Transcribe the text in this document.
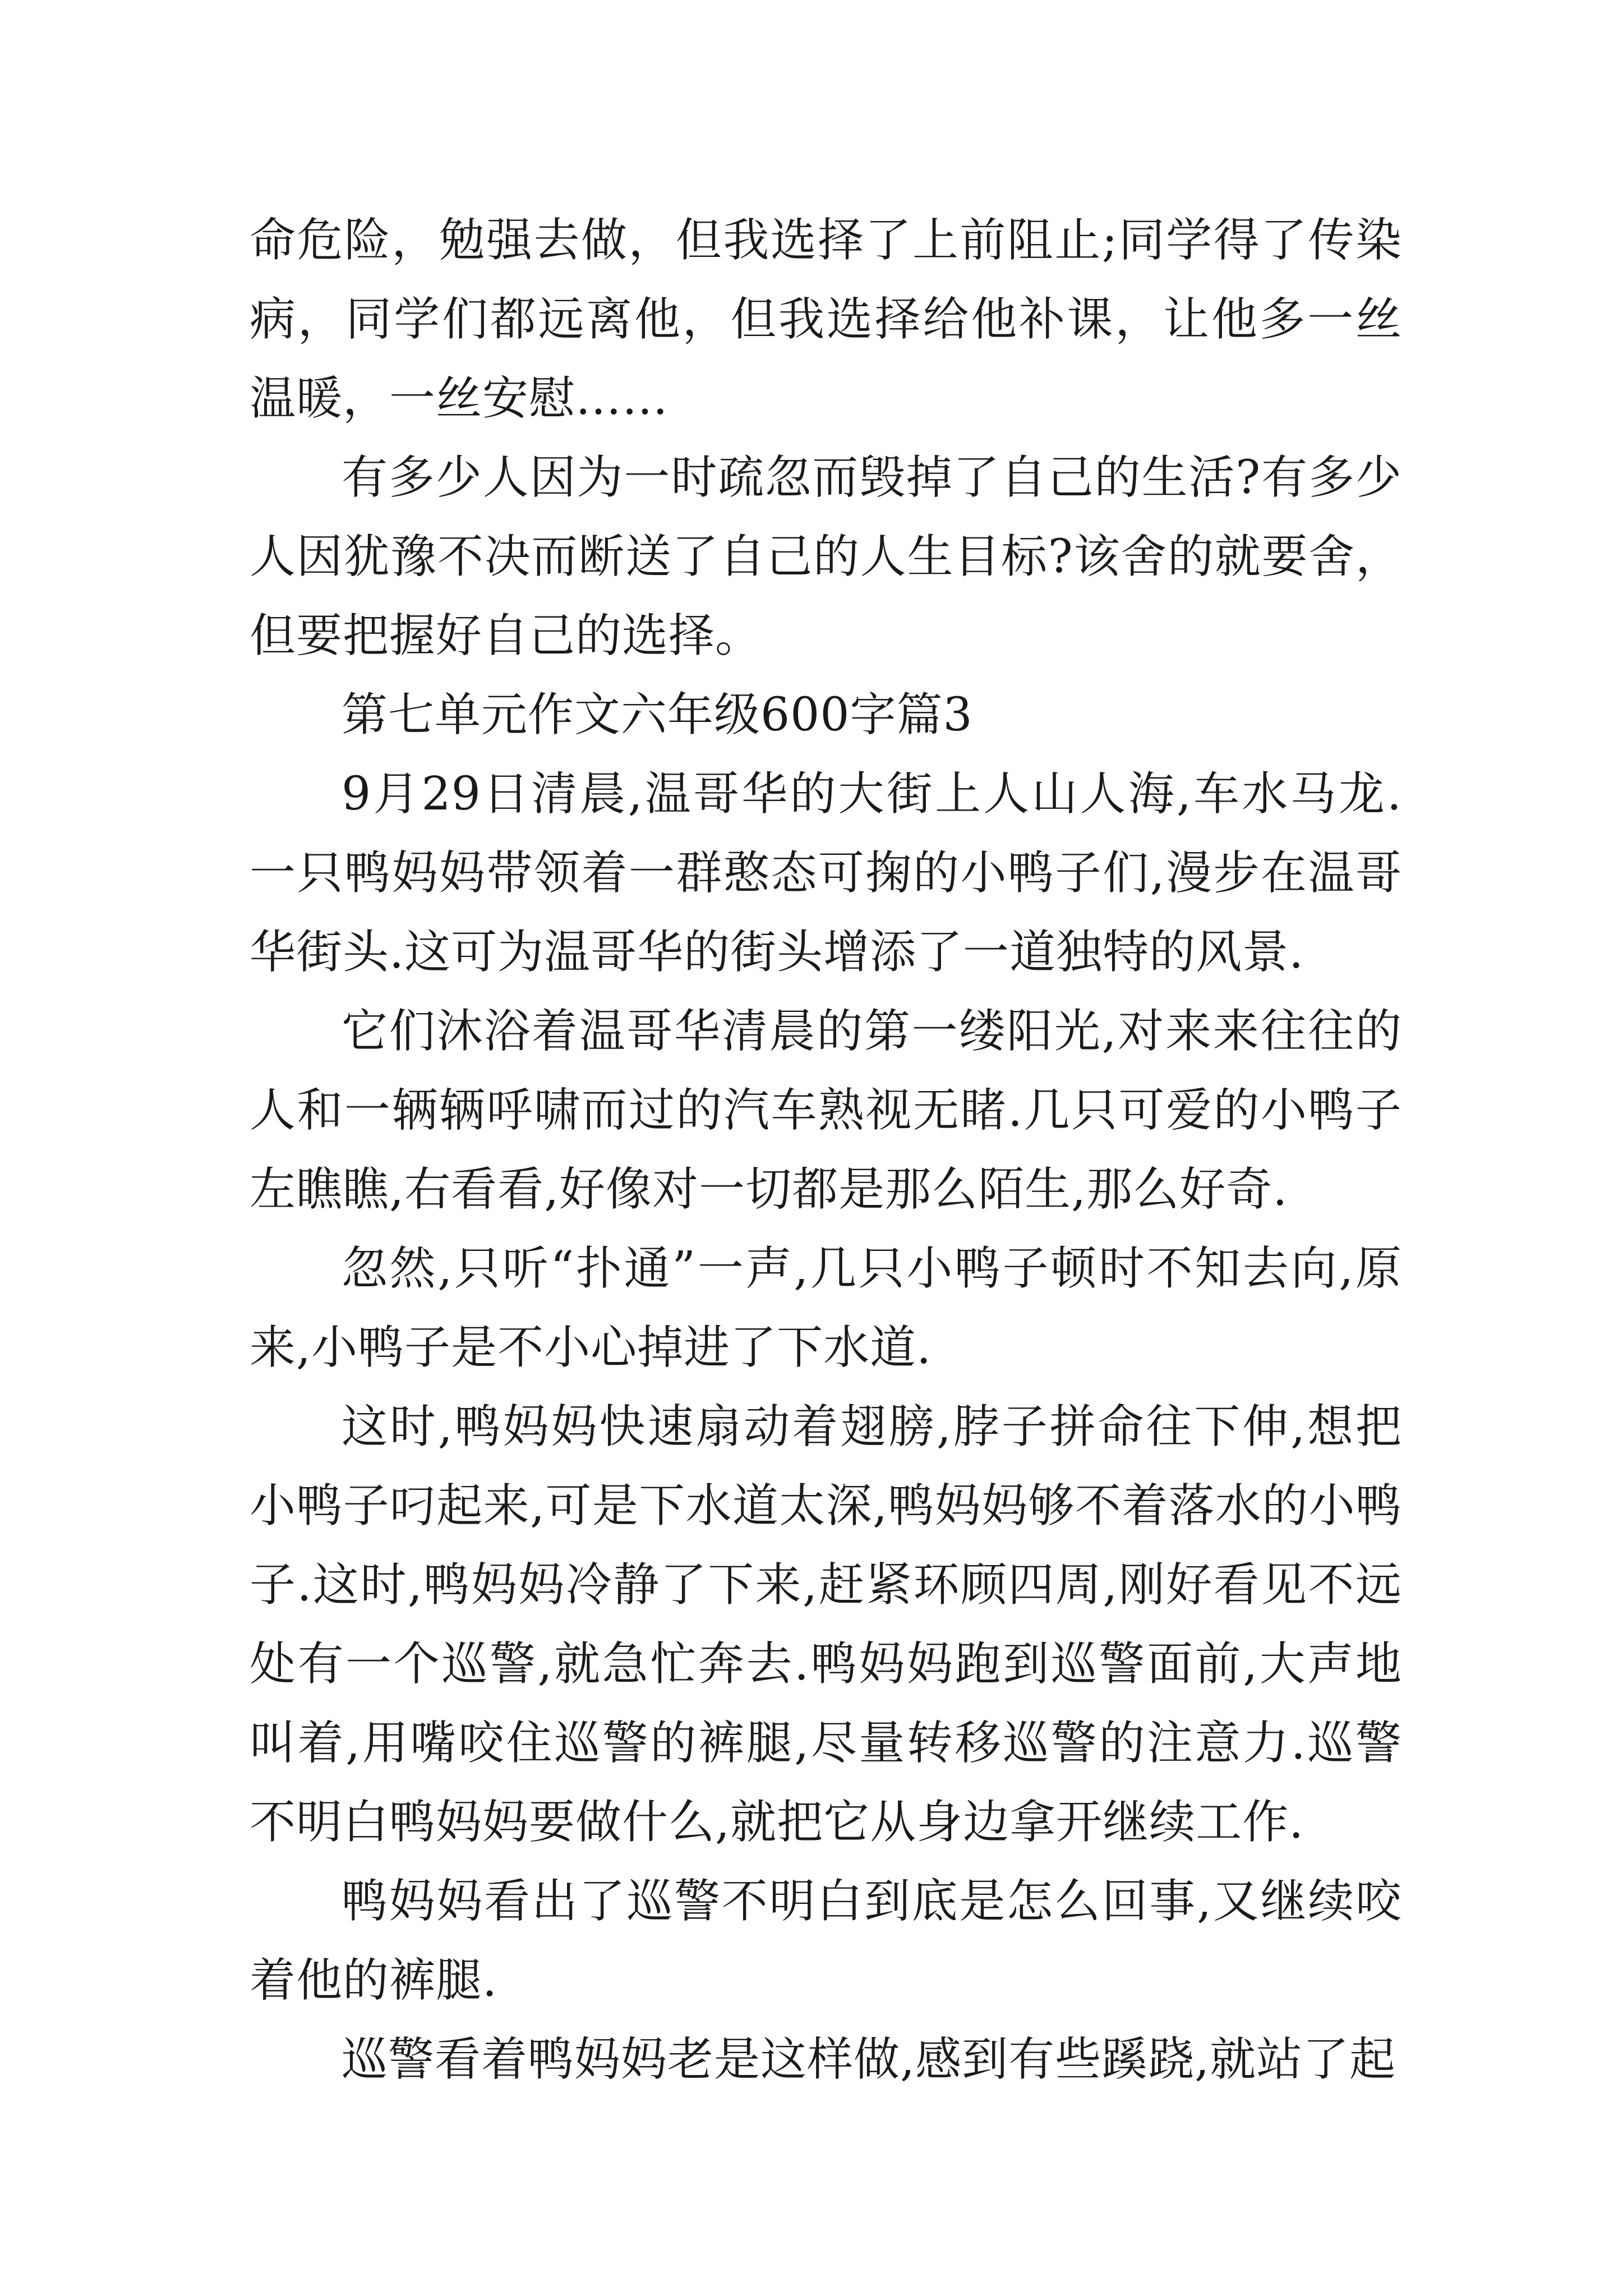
命危险，勉强去做，但我选择了上前阻止;同学得了传染病，同学们都远离他，但我选择给他补课，让他多一丝温暖，一丝安慰……

有多少人因为一时疏忽而毁掉了自己的生活?有多少人因犹豫不决而断送了自己的人生目标?该舍的就要舍，但要把握好自己的选择。

第七单元作文六年级600字篇3

9月29日清晨,温哥华的大街上人山人海,车水马龙.一只鸭妈妈带领着一群憨态可掬的小鸭子们,漫步在温哥华街头.这可为温哥华的街头增添了一道独特的风景.

它们沐浴着温哥华清晨的第一缕阳光,对来来往往的人和一辆辆呼啸而过的汽车熟视无睹.几只可爱的小鸭子左瞧瞧,右看看,好像对一切都是那么陌生,那么好奇.

忽然,只听“扑通”一声,几只小鸭子顿时不知去向,原来,小鸭子是不小心掉进了下水道.

这时,鸭妈妈快速扇动着翅膀,脖子拼命往下伸,想把小鸭子叼起来,可是下水道太深,鸭妈妈够不着落水的小鸭子.这时,鸭妈妈冷静了下来,赶紧环顾四周,刚好看见不远处有一个巡警,就急忙奔去.鸭妈妈跑到巡警面前,大声地叫着,用嘴咬住巡警的裤腿,尽量转移巡警的注意力.巡警不明白鸭妈妈要做什么,就把它从身边拿开继续工作.

鸭妈妈看出了巡警不明白到底是怎么回事,又继续咬着他的裤腿.

巡警看着鸭妈妈老是这样做,感到有些蹊跷,就站了起
